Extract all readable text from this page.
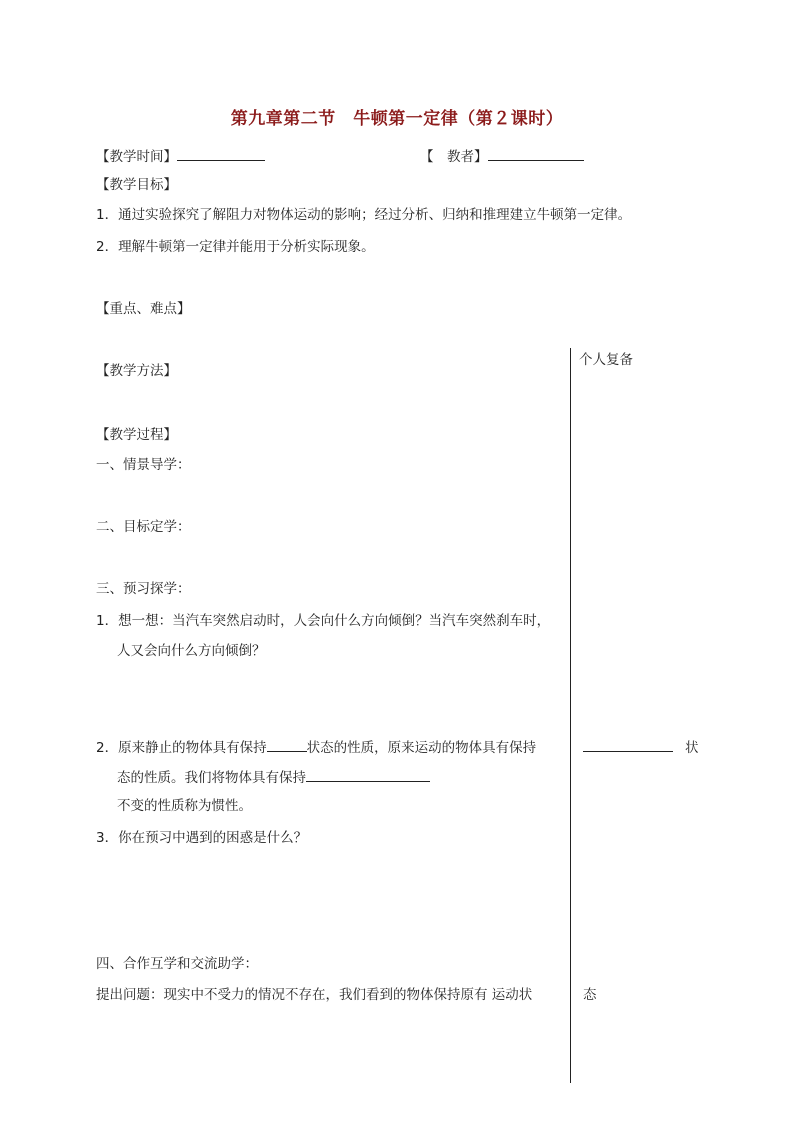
第九章第二节　牛顿第一定律（第２课时）
【教学时间】	【　教者】
【教学目标】
1．通过实验探究了解阻力对物体运动的影响；经过分析、归纳和推理建立牛顿第一定律。
2．理解牛顿第一定律并能用于分析实际现象。
【重点、难点】
【教学方法】
【教学过程】
一、情景导学：
二、目标定学：
三、预习探学：
1．想一想：当汽车突然启动时，人会向什么方向倾倒？当汽车突然刹车时，
人又会向什么方向倾倒？
2．原来静止的物体具有保持	状态的性质，原来运动的物体具有保持
态的性质。我们将物体具有保持
不变的性质称为惯性。
3．你在预习中遇到的困惑是什么？
四、合作互学和交流助学：
提出问题：现实中不受力的情况不存在，我们看到的物体保持原有 运动状
个人复备
状
态
